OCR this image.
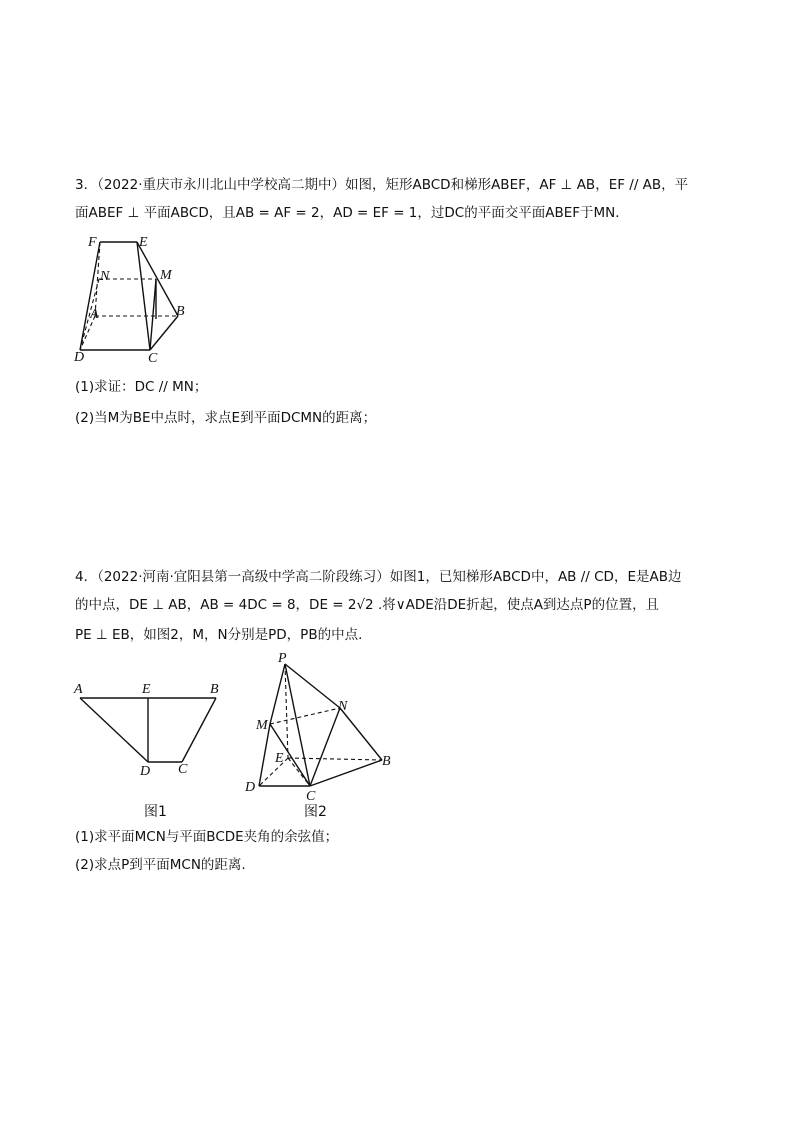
3．（2022·重庆市永川北山中学校高二期中）如图，矩形ABCD和梯形ABEF，AF ⊥ AB，EF // AB，平
面ABEF ⊥ 平面ABCD，且AB = AF = 2，AD = EF = 1，过DC的平面交平面ABEF于MN．
F	E
N	M
A	B
D	C
(1)求证：DC // MN；
(2)当M为BE中点时，求点E到平面DCMN的距离；
4．（2022·河南·宜阳县第一高级中学高二阶段练习）如图1，已知梯形ABCD中，AB // CD，E是AB边
的中点，DE ⊥ AB，AB = 4DC = 8，DE = 2√2 .将∨ADE沿DE折起，使点A到达点P的位置，且
PE ⊥ EB，如图2，M，N分别是PD，PB的中点.
A	E	B
D C
图1
P
N
M
E	B
D
C
图2
(1)求平面MCN与平面BCDE夹角的余弦值；
(2)求点P到平面MCN的距离.
